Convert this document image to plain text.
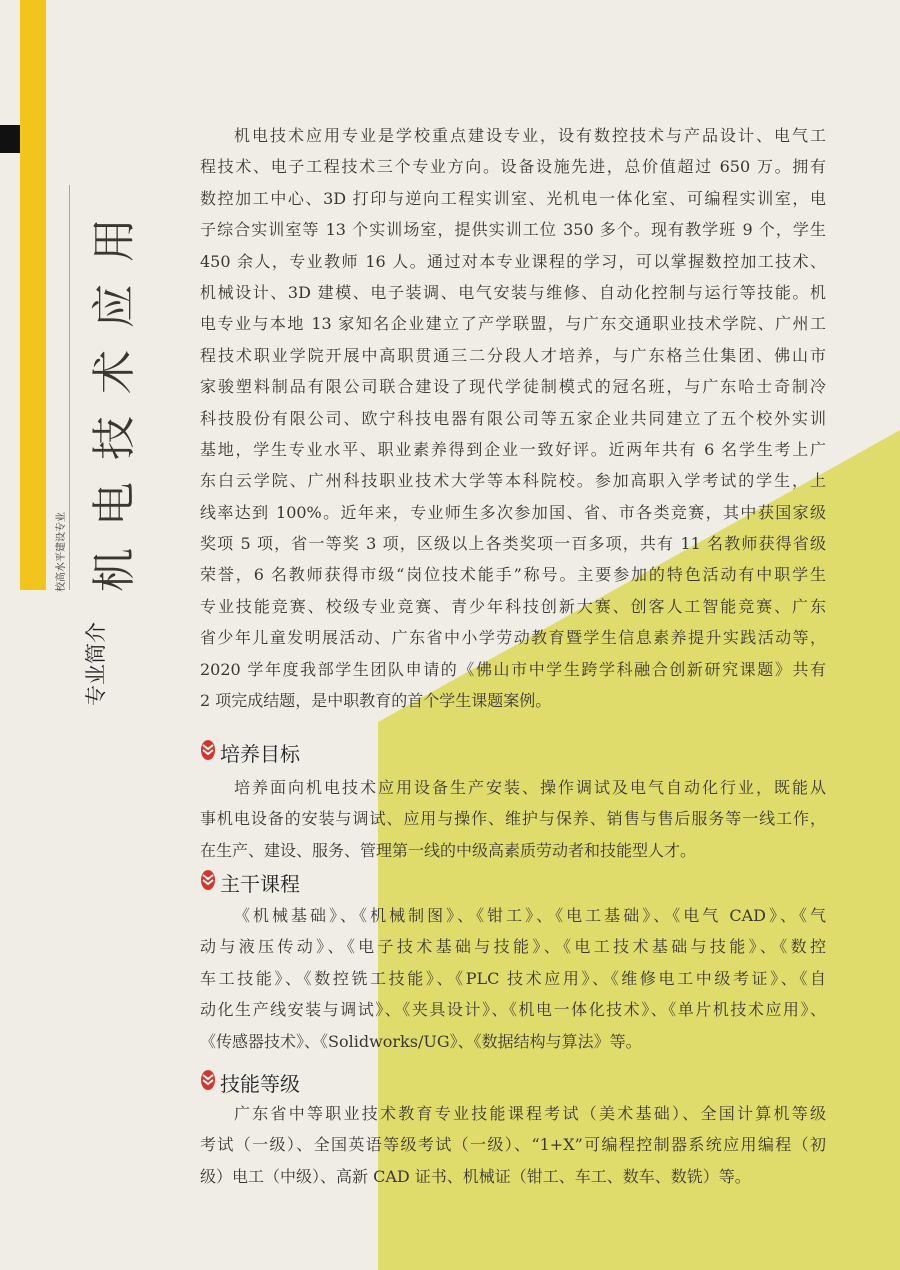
机电技术应用
校高水平建设专业
专业简介
机电技术应用专业是学校重点建设专业，设有数控技术与产品设计、电气工
程技术、电子工程技术三个专业方向。设备设施先进，总价值超过 650 万。拥有
数控加工中心、3D 打印与逆向工程实训室、光机电一体化室、可编程实训室，电
子综合实训室等 13 个实训场室，提供实训工位 350 多个。现有教学班 9 个，学生
450 余人，专业教师 16 人。通过对本专业课程的学习，可以掌握数控加工技术、
机械设计、3D 建模、电子装调、电气安装与维修、自动化控制与运行等技能。机
电专业与本地 13 家知名企业建立了产学联盟，与广东交通职业技术学院、广州工
程技术职业学院开展中高职贯通三二分段人才培养，与广东格兰仕集团、佛山市
家骏塑料制品有限公司联合建设了现代学徒制模式的冠名班，与广东哈士奇制冷
科技股份有限公司、欧宁科技电器有限公司等五家企业共同建立了五个校外实训
基地，学生专业水平、职业素养得到企业一致好评。近两年共有 6 名学生考上广
东白云学院、广州科技职业技术大学等本科院校。参加高职入学考试的学生，上
线率达到 100%。近年来，专业师生多次参加国、省、市各类竞赛，其中获国家级
奖项 5 项，省一等奖 3 项，区级以上各类奖项一百多项，共有 11 名教师获得省级
荣誉，6 名教师获得市级“岗位技术能手”称号。主要参加的特色活动有中职学生
专业技能竞赛、校级专业竞赛、青少年科技创新大赛、创客人工智能竞赛、广东
省少年儿童发明展活动、广东省中小学劳动教育暨学生信息素养提升实践活动等，
2020 学年度我部学生团队申请的《佛山市中学生跨学科融合创新研究课题》共有
2 项完成结题，是中职教育的首个学生课题案例。
培养目标
培养面向机电技术应用设备生产安装、操作调试及电气自动化行业，既能从
事机电设备的安装与调试、应用与操作、维护与保养、销售与售后服务等一线工作，
在生产、建设、服务、管理第一线的中级高素质劳动者和技能型人才。
主干课程
《机械基础》、《机械制图》、《钳工》、《电工基础》、《电气 CAD》、《气
动与液压传动》、《电子技术基础与技能》、《电工技术基础与技能》、《数控
车工技能》、《数控铣工技能》、《PLC 技术应用》、《维修电工中级考证》、《自
动化生产线安装与调试》、《夹具设计》、《机电一体化技术》、《单片机技术应用》、
《传感器技术》、《Solidworks/UG》、《数据结构与算法》等。
技能等级
广东省中等职业技术教育专业技能课程考试（美术基础）、全国计算机等级
考试（一级）、全国英语等级考试（一级）、“1+X”可编程控制器系统应用编程（初
级）电工（中级）、高新 CAD 证书、机械证（钳工、车工、数车、数铣）等。
